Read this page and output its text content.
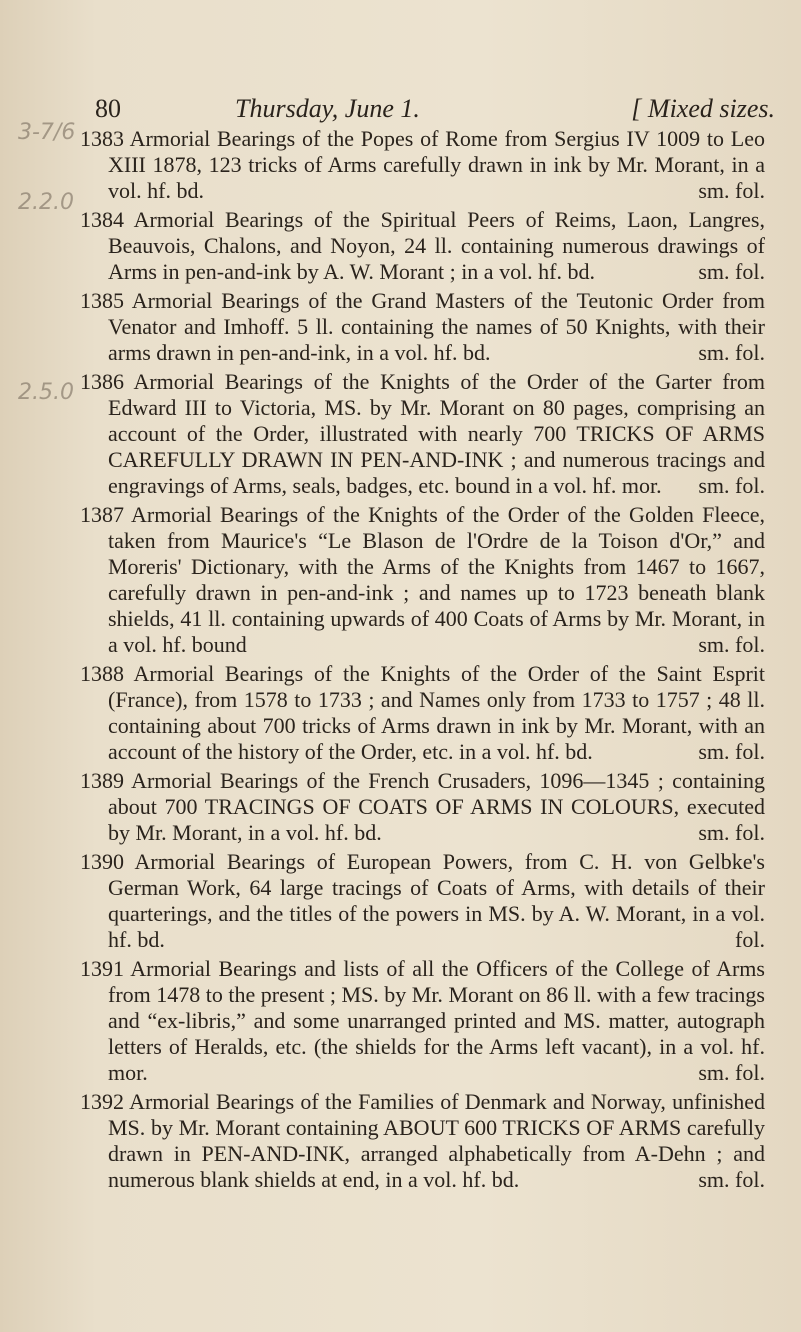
3-7/6
2.2.0
2.5.0
80	Thursday, June 1.	[ Mixed sizes.

1383 Armorial Bearings of the Popes of Rome from Sergius IV 1009 to Leo XIII 1878, 123 tricks of Arms carefully drawn in ink by Mr. Morant, in a vol. hf. bd.	sm. fol.

1384 Armorial Bearings of the Spiritual Peers of Reims, Laon, Langres, Beauvois, Chalons, and Noyon, 24 ll. containing numerous drawings of Arms in pen-and-ink by A. W. Morant ; in a vol. hf. bd.	sm. fol.

1385 Armorial Bearings of the Grand Masters of the Teutonic Order from Venator and Imhoff. 5 ll. containing the names of 50 Knights, with their arms drawn in pen-and-ink, in a vol. hf. bd.	sm. fol.

1386 Armorial Bearings of the Knights of the Order of the Garter from Edward III to Victoria, MS. by Mr. Morant on 80 pages, comprising an account of the Order, illustrated with nearly 700 TRICKS OF ARMS CAREFULLY DRAWN IN PEN-AND-INK ; and numerous tracings and engravings of Arms, seals, badges, etc. bound in a vol. hf. mor. sm. fol.

1387 Armorial Bearings of the Knights of the Order of the Golden Fleece, taken from Maurice's “Le Blason de l'Ordre de la Toison d'Or,” and Moreris' Dictionary, with the Arms of the Knights from 1467 to 1667, carefully drawn in pen-and-ink ; and names up to 1723 beneath blank shields, 41 ll. containing upwards of 400 Coats of Arms by Mr. Morant, in a vol. hf. bound	sm. fol.

1388 Armorial Bearings of the Knights of the Order of the Saint Esprit (France), from 1578 to 1733 ; and Names only from 1733 to 1757 ; 48 ll. containing about 700 tricks of Arms drawn in ink by Mr. Morant, with an account of the history of the Order, etc. in a vol. hf. bd.	sm. fol.

1389 Armorial Bearings of the French Crusaders, 1096—1345 ; containing about 700 TRACINGS OF COATS OF ARMS IN COLOURS, executed by Mr. Morant, in a vol. hf. bd.	sm. fol.

1390 Armorial Bearings of European Powers, from C. H. von Gelbke's German Work, 64 large tracings of Coats of Arms, with details of their quarterings, and the titles of the powers in MS. by A. W. Morant, in a vol. hf. bd.	fol.

1391 Armorial Bearings and lists of all the Officers of the College of Arms from 1478 to the present ; MS. by Mr. Morant on 86 ll. with a few tracings and “ex-libris,” and some unarranged printed and MS. matter, autograph letters of Heralds, etc. (the shields for the Arms left vacant), in a vol. hf. mor.	sm. fol.

1392 Armorial Bearings of the Families of Denmark and Norway, unfinished MS. by Mr. Morant containing ABOUT 600 TRICKS OF ARMS carefully drawn in PEN-AND-INK, arranged alphabetically from A-Dehn ; and numerous blank shields at end, in a vol. hf. bd.	sm. fol.
